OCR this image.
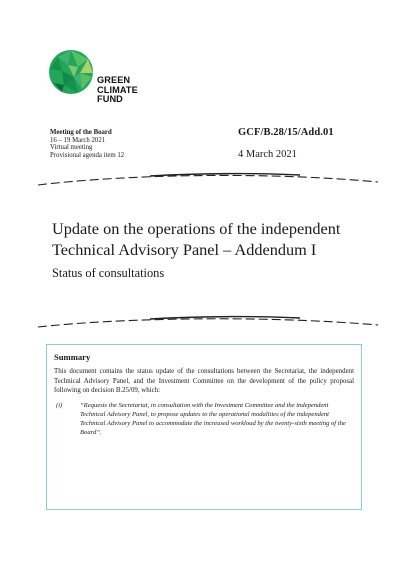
GREEN
CLIMATE
FUND
Meeting of the Board
16 – 19 March 2021
Virtual meeting
Provisional agenda item 12
GCF/B.28/15/Add.01
4 March 2021
Update on the operations of the independent Technical Advisory Panel – Addendum I
Status of consultations
Summary
This document contains the status update of the consultations between the Secretariat, the independent Technical Advisory Panel, and the Investment Committee on the development of the policy proposal following on decision B.25/09, which:
(i)	“Requests the Secretariat, in consultation with the Investment Committee and the independent Technical Advisory Panel, to propose updates to the operational modalities of the independent Technical Advisory Panel to accommodate the increased workload by the twenty-sixth meeting of the Board”.
